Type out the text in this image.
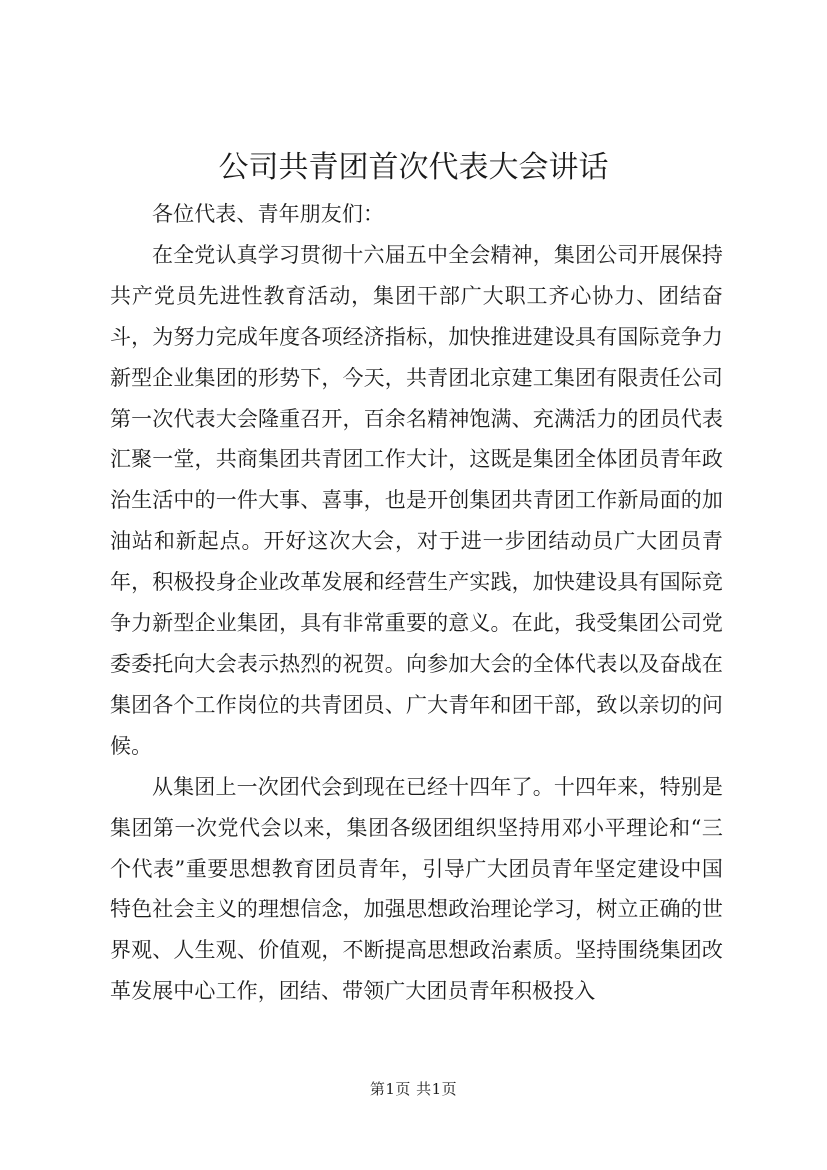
公司共青团首次代表大会讲话

各位代表、青年朋友们：

在全党认真学习贯彻十六届五中全会精神，集团公司开展保持共产党员先进性教育活动，集团干部广大职工齐心协力、团结奋斗，为努力完成年度各项经济指标，加快推进建设具有国际竞争力新型企业集团的形势下，今天，共青团北京建工集团有限责任公司第一次代表大会隆重召开，百余名精神饱满、充满活力的团员代表汇聚一堂，共商集团共青团工作大计，这既是集团全体团员青年政治生活中的一件大事、喜事，也是开创集团共青团工作新局面的加油站和新起点。开好这次大会，对于进一步团结动员广大团员青年，积极投身企业改革发展和经营生产实践，加快建设具有国际竞争力新型企业集团，具有非常重要的意义。在此，我受集团公司党委委托向大会表示热烈的祝贺。向参加大会的全体代表以及奋战在集团各个工作岗位的共青团员、广大青年和团干部，致以亲切的问候。

从集团上一次团代会到现在已经十四年了。十四年来，特别是集团第一次党代会以来，集团各级团组织坚持用邓小平理论和“三个代表”重要思想教育团员青年，引导广大团员青年坚定建设中国特色社会主义的理想信念，加强思想政治理论学习，树立正确的世界观、人生观、价值观，不断提高思想政治素质。坚持围绕集团改革发展中心工作，团结、带领广大团员青年积极投入

第1页 共1页
